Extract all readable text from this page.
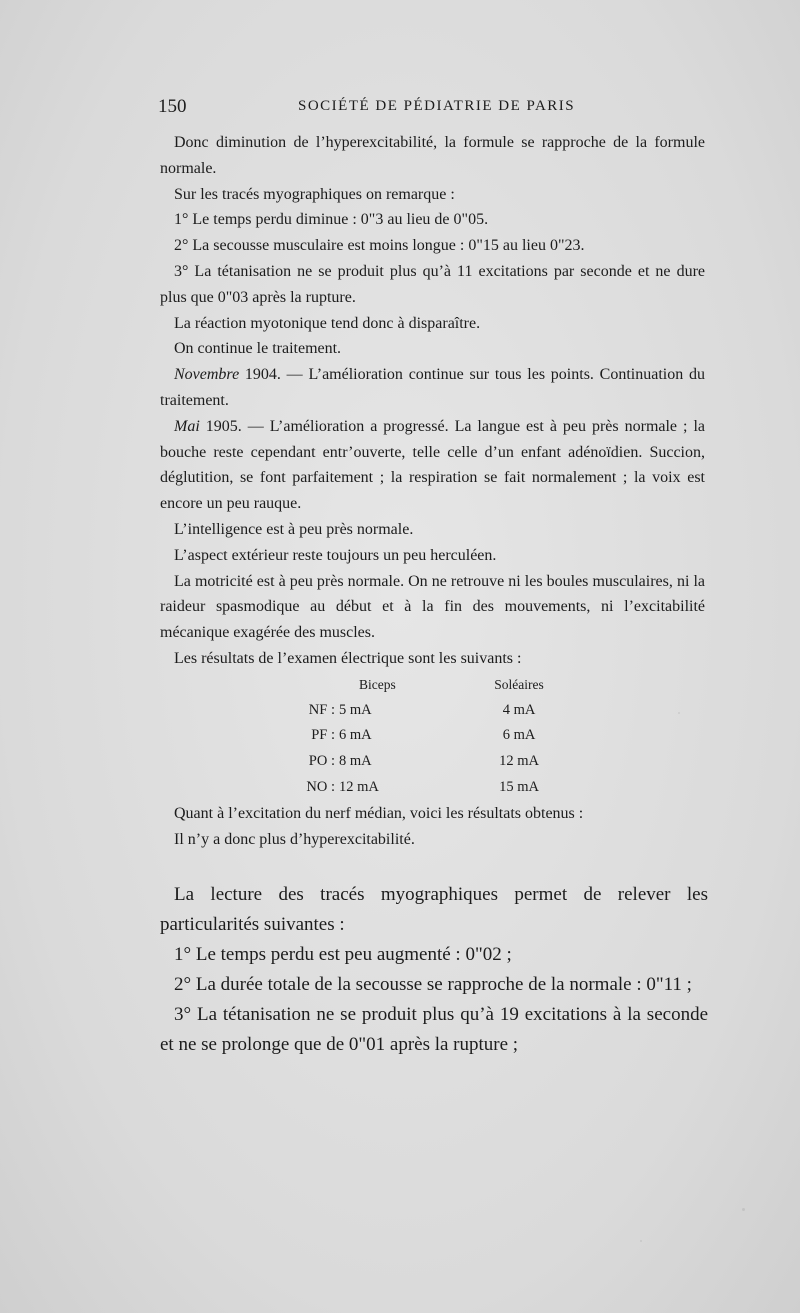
150	SOCIÉTÉ DE PÉDIATRIE DE PARIS

Donc diminution de l’hyperexcitabilité, la formule se rapproche de la formule normale.

Sur les tracés myographiques on remarque :

1° Le temps perdu diminue : 0"3 au lieu de 0"05.

2° La secousse musculaire est moins longue : 0"15 au lieu 0"23.

3° La tétanisation ne se produit plus qu’à 11 excitations par seconde et ne dure plus que 0"03 après la rupture.

La réaction myotonique tend donc à disparaître.

On continue le traitement.

Novembre 1904. — L’amélioration continue sur tous les points. Continuation du traitement.

Mai 1905. — L’amélioration a progressé. La langue est à peu près normale ; la bouche reste cependant entr’ouverte, telle celle d’un enfant adénoïdien. Succion, déglutition, se font parfaitement ; la respiration se fait normalement ; la voix est encore un peu rauque.

L’intelligence est à peu près normale.

L’aspect extérieur reste toujours un peu herculéen.

La motricité est à peu près normale. On ne retrouve ni les boules musculaires, ni la raideur spasmodique au début et à la fin des mouvements, ni l’excitabilité mécanique exagérée des muscles.

Les résultats de l’examen électrique sont les suivants :

	Biceps	Soléaires
NF :	5 mA	4 mA
PF :	6 mA	6 mA
PO :	8 mA	12 mA
NO :	12 mA	15 mA

Quant à l’excitation du nerf médian, voici les résultats obtenus :

Il n’y a donc plus d’hyperexcitabilité.

La lecture des tracés myographiques permet de relever les particularités suivantes :

1° Le temps perdu est peu augmenté : 0"02 ;

2° La durée totale de la secousse se rapproche de la normale : 0"11 ;

3° La tétanisation ne se produit plus qu’à 19 excitations à la seconde et ne se prolonge que de 0"01 après la rupture ;
